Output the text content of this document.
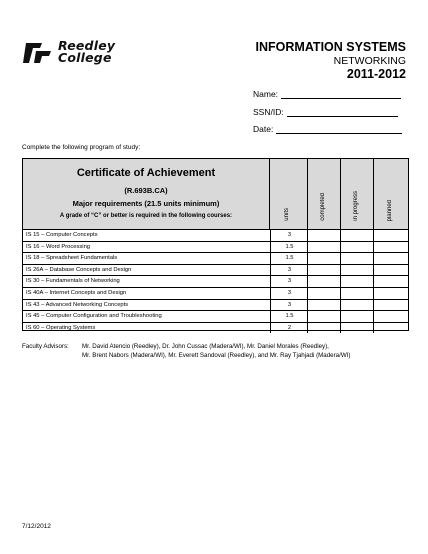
Reedley
College
INFORMATION SYSTEMS
NETWORKING
2011-2012
Name:
SSN/ID:
Date:
Complete the following program of study:
Certificate of Achievement
(R.693B.CA)
Major requirements (21.5 units minimum)
A grade of “C” or better is required in the following courses:	units	completed	in progress	planned
IS 15 – Computer Concepts	3
IS 16 – Word Processing	1.5
IS 18 – Spreadsheet Fundamentals	1.5
IS 26A – Database Concepts and Design	3
IS 30 – Fundamentals of Networking	3
IS 40A – Internet Concepts and Design	3
IS 43 – Advanced Networking Concepts	3
IS 45 – Computer Configuration and Troubleshooting	1.5
IS 60 – Operating Systems	2
Faculty Advisors: Mr. David Atencio (Reedley), Dr. John Cussac (Madera/WI), Mr. Daniel Morales (Reedley),
Mr. Brent Nabors (Madera/WI), Mr. Everett Sandoval (Reedley), and Mr. Ray Tjahjadi (Madera/WI)
7/12/2012
